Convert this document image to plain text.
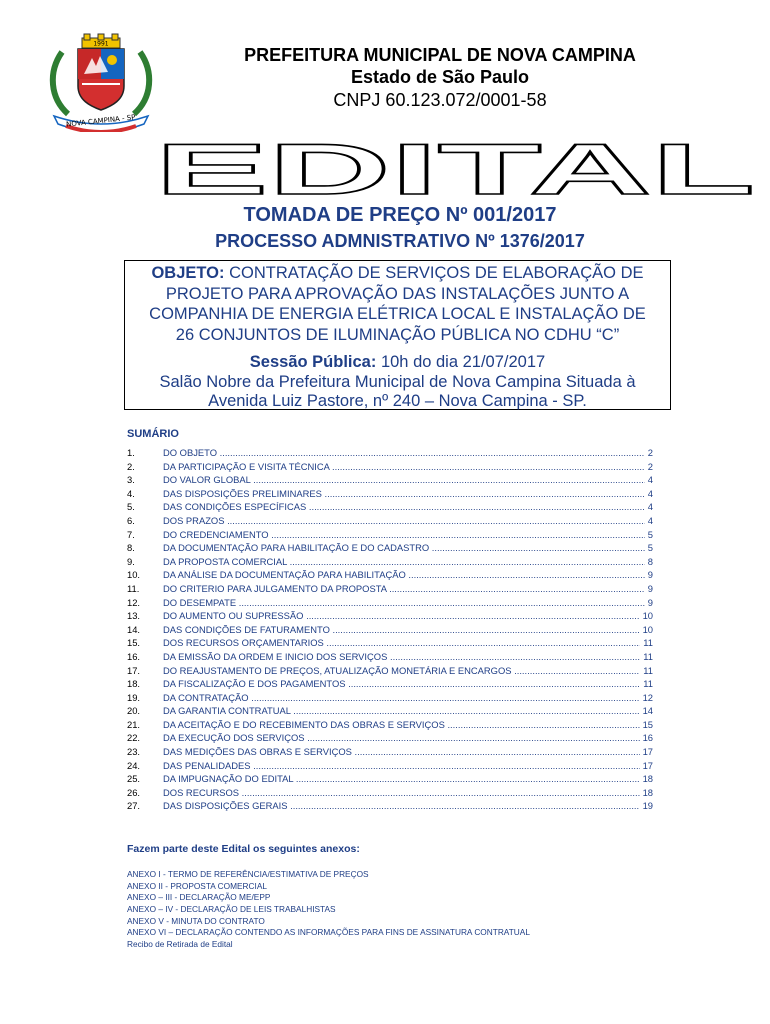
NOVA CAMPINA - SP
1991
PREFEITURA MUNICIPAL DE NOVA CAMPINA
Estado de São Paulo
CNPJ 60.123.072/0001-58
EDITAL
TOMADA DE PREÇO Nº 001/2017
PROCESSO ADMNISTRATIVO Nº 1376/2017
OBJETO: CONTRATAÇÃO DE SERVIÇOS DE ELABORAÇÃO DE
PROJETO PARA APROVAÇÃO DAS INSTALAÇÕES JUNTO A
COMPANHIA DE ENERGIA ELÉTRICA LOCAL E INSTALAÇÃO DE
26 CONJUNTOS DE ILUMINAÇÃO PÚBLICA NO CDHU “C”
Sessão Pública: 10h do dia 21/07/2017
Salão Nobre da Prefeitura Municipal de Nova Campina Situada à
Avenida Luiz Pastore, nº 240 – Nova Campina - SP.
SUMÁRIO
1.	DO OBJETO .....	2
2.	DA PARTICIPAÇÃO E VISITA TÉCNICA .....	2
3.	DO VALOR GLOBAL .....	4
4.	DAS DISPOSIÇÕES PRELIMINARES .....	4
5.	DAS CONDIÇÕES ESPECÍFICAS .....	4
6.	DOS PRAZOS .....	4
7.	DO CREDENCIAMENTO .....	5
8.	DA DOCUMENTAÇÃO PARA HABILITAÇÃO E DO CADASTRO .....	5
9.	DA PROPOSTA COMERCIAL .....	8
10. DA ANÁLISE DA DOCUMENTAÇÃO PARA HABILITAÇÃO .....	9
11.	DO CRITERIO PARA JULGAMENTO DA PROPOSTA .....	9
12. DO DESEMPATE .....	9
13. DO AUMENTO OU SUPRESSÃO .....	10
14. DAS CONDIÇÕES DE FATURAMENTO .....	10
15. DOS RECURSOS ORÇAMENTARIOS .....	11
16. DA EMISSÃO DA ORDEM E INICIO DOS SERVIÇOS .....	11
17. DO REAJUSTAMENTO DE PREÇOS, ATUALIZAÇÃO MONETÁRIA E ENCARGOS .....	11
18. DA FISCALIZAÇÃO E DOS PAGAMENTOS .....	11
19. DA CONTRATAÇÃO .....	12
20. DA GARANTIA CONTRATUAL .....	14
21. DA ACEITAÇÃO E DO RECEBIMENTO DAS OBRAS E SERVIÇOS .....	15
22. DA EXECUÇÃO DOS SERVIÇOS .....	16
23. DAS MEDIÇÕES DAS OBRAS E SERVIÇOS .....	17
24. DAS PENALIDADES .....	17
25. DA IMPUGNAÇÃO DO EDITAL .....	18
26. DOS RECURSOS .....	18
27. DAS DISPOSIÇÕES GERAIS .....	19
Fazem parte deste Edital os seguintes anexos:
ANEXO I - TERMO DE REFERÊNCIA/ESTIMATIVA DE PREÇOS
ANEXO II - PROPOSTA COMERCIAL
ANEXO – III - DECLARAÇÃO ME/EPP
ANEXO – IV - DECLARAÇÃO DE LEIS TRABALHISTAS
ANEXO V - MINUTA DO CONTRATO
ANEXO VI – DECLARAÇÃO CONTENDO AS INFORMAÇÕES PARA FINS DE ASSINATURA CONTRATUAL
Recibo de Retirada de Edital
